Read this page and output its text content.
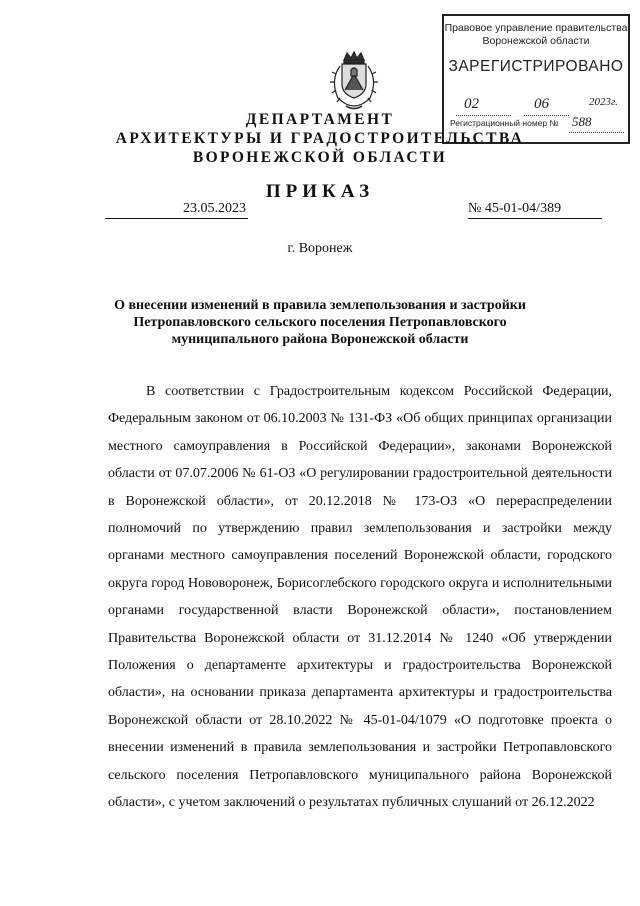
Правовое управление правительства
Воронежской области
ЗАРЕГИСТРИРОВАНО
02	06	2023г.
Регистрационный номер № 588
ДЕПАРТАМЕНТ
АРХИТЕКТУРЫ И ГРАДОСТРОИТЕЛЬСТВА
ВОРОНЕЖСКОЙ ОБЛАСТИ
ПРИКАЗ
23.05.2023	№ 45-01-04/389
г. Воронеж
О внесении изменений в правила землепользования и застройки Петропавловского сельского поселения Петропавловского муниципального района Воронежской области
В соответствии с Градостроительным кодексом Российской Федерации, Федеральным законом от 06.10.2003 № 131-ФЗ «Об общих принципах организации местного самоуправления в Российской Федерации», законами Воронежской области от 07.07.2006 № 61-ОЗ «О регулировании градостроительной деятельности в Воронежской области», от 20.12.2018 № 173-ОЗ «О перераспределении полномочий по утверждению правил землепользования и застройки между органами местного самоуправления поселений Воронежской области, городского округа город Нововоронеж, Борисоглебского городского округа и исполнительными органами государственной власти Воронежской области», постановлением Правительства Воронежской области от 31.12.2014 № 1240 «Об утверждении Положения о департаменте архитектуры и градостроительства Воронежской области», на основании приказа департамента архитектуры и градостроительства Воронежской области от 28.10.2022 № 45-01-04/1079 «О подготовке проекта о внесении изменений в правила землепользования и застройки Петропавловского сельского поселения Петропавловского муниципального района Воронежской области», с учетом заключений о результатах публичных слушаний от 26.12.2022
